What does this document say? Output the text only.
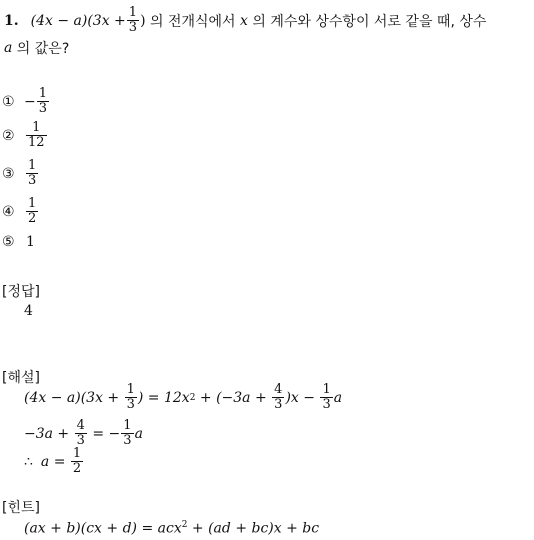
1. $(4x - a)(3x + \frac{1}{3}$ ) 의 전개식에서 x 의 계수와 상수항이 서로 같을 때, 상수
a 의 값은?
① − $\frac{1}{3}$
② $\frac{1}{12}$
③ $\frac{1}{3}$
④ $\frac{1}{2}$
⑤ 1
[정답]
4
[해설]
$(4x - a)(3x + \frac{1}{3}$ ) = 12x $2 + (-3a + \frac{4}{3} )x - \frac{1}{3}$ a
$-3a + \frac{4}{3}$ = − $\frac{1}{3}$ a
∴ $a = \frac{1}{2}$
[힌트]
(ax + b)(cx + d) = acx$^2$ + (ad + bc)x + bc
